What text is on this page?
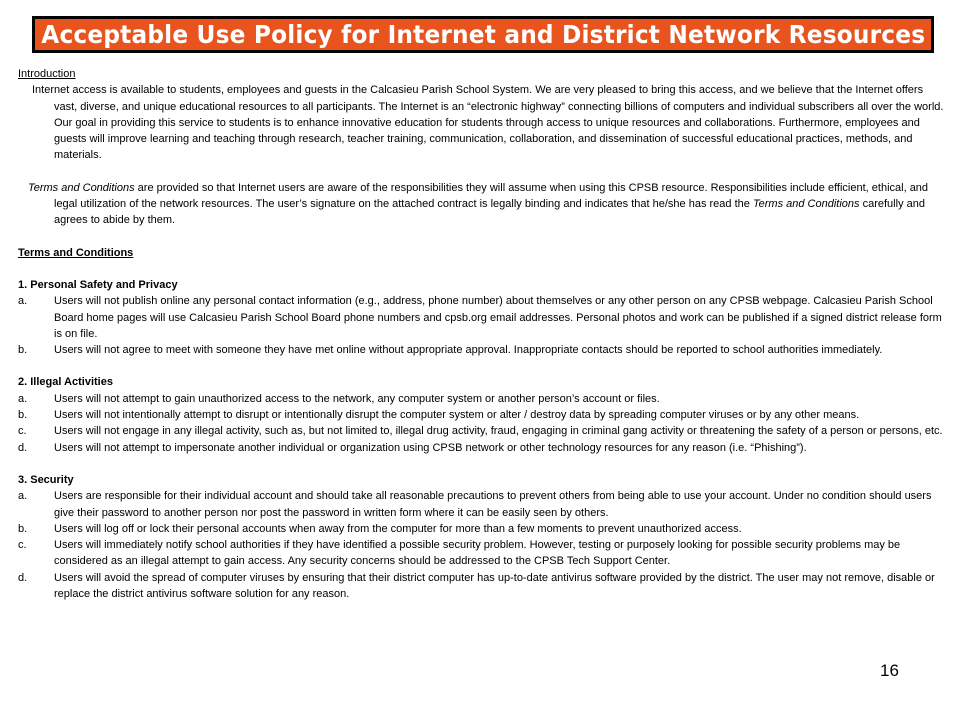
Acceptable Use Policy for Internet and District Network Resources

Introduction

Internet access is available to students, employees and guests in the Calcasieu Parish School System. We are very pleased to bring this access, and we believe that the Internet offers vast, diverse, and unique educational resources to all participants. The Internet is an “electronic highway” connecting billions of computers and individual subscribers all over the world. Our goal in providing this service to students is to enhance innovative education for students through access to unique resources and collaborations. Furthermore, employees and guests will improve learning and teaching through research, teacher training, communication, collaboration, and dissemination of successful educational practices, methods, and materials.

Terms and Conditions are provided so that Internet users are aware of the responsibilities they will assume when using this CPSB resource. Responsibilities include efficient, ethical, and legal utilization of the network resources. The user’s signature on the attached contract is legally binding and indicates that he/she has read the Terms and Conditions carefully and agrees to abide by them.

Terms and Conditions

1. Personal Safety and Privacy

a. Users will not publish online any personal contact information (e.g., address, phone number) about themselves or any other person on any CPSB webpage. Calcasieu Parish School Board home pages will use Calcasieu Parish School Board phone numbers and cpsb.org email addresses. Personal photos and work can be published if a signed district release form is on file.

b. Users will not agree to meet with someone they have met online without appropriate approval. Inappropriate contacts should be reported to school authorities immediately.

2. Illegal Activities

a. Users will not attempt to gain unauthorized access to the network, any computer system or another person’s account or files.

b. Users will not intentionally attempt to disrupt or intentionally disrupt the computer system or alter / destroy data by spreading computer viruses or by any other means.

c. Users will not engage in any illegal activity, such as, but not limited to, illegal drug activity, fraud, engaging in criminal gang activity or threatening the safety of a person or persons, etc.

d. Users will not attempt to impersonate another individual or organization using CPSB network or other technology resources for any reason (i.e. “Phishing”).

3. Security

a. Users are responsible for their individual account and should take all reasonable precautions to prevent others from being able to use your account. Under no condition should users give their password to another person nor post the password in written form where it can be easily seen by others.

b. Users will log off or lock their personal accounts when away from the computer for more than a few moments to prevent unauthorized access.

c. Users will immediately notify school authorities if they have identified a possible security problem. However, testing or purposely looking for possible security problems may be considered as an illegal attempt to gain access. Any security concerns should be addressed to the CPSB Tech Support Center.

d. Users will avoid the spread of computer viruses by ensuring that their district computer has up-to-date antivirus software provided by the district. The user may not remove, disable or replace the district antivirus software solution for any reason.

16
